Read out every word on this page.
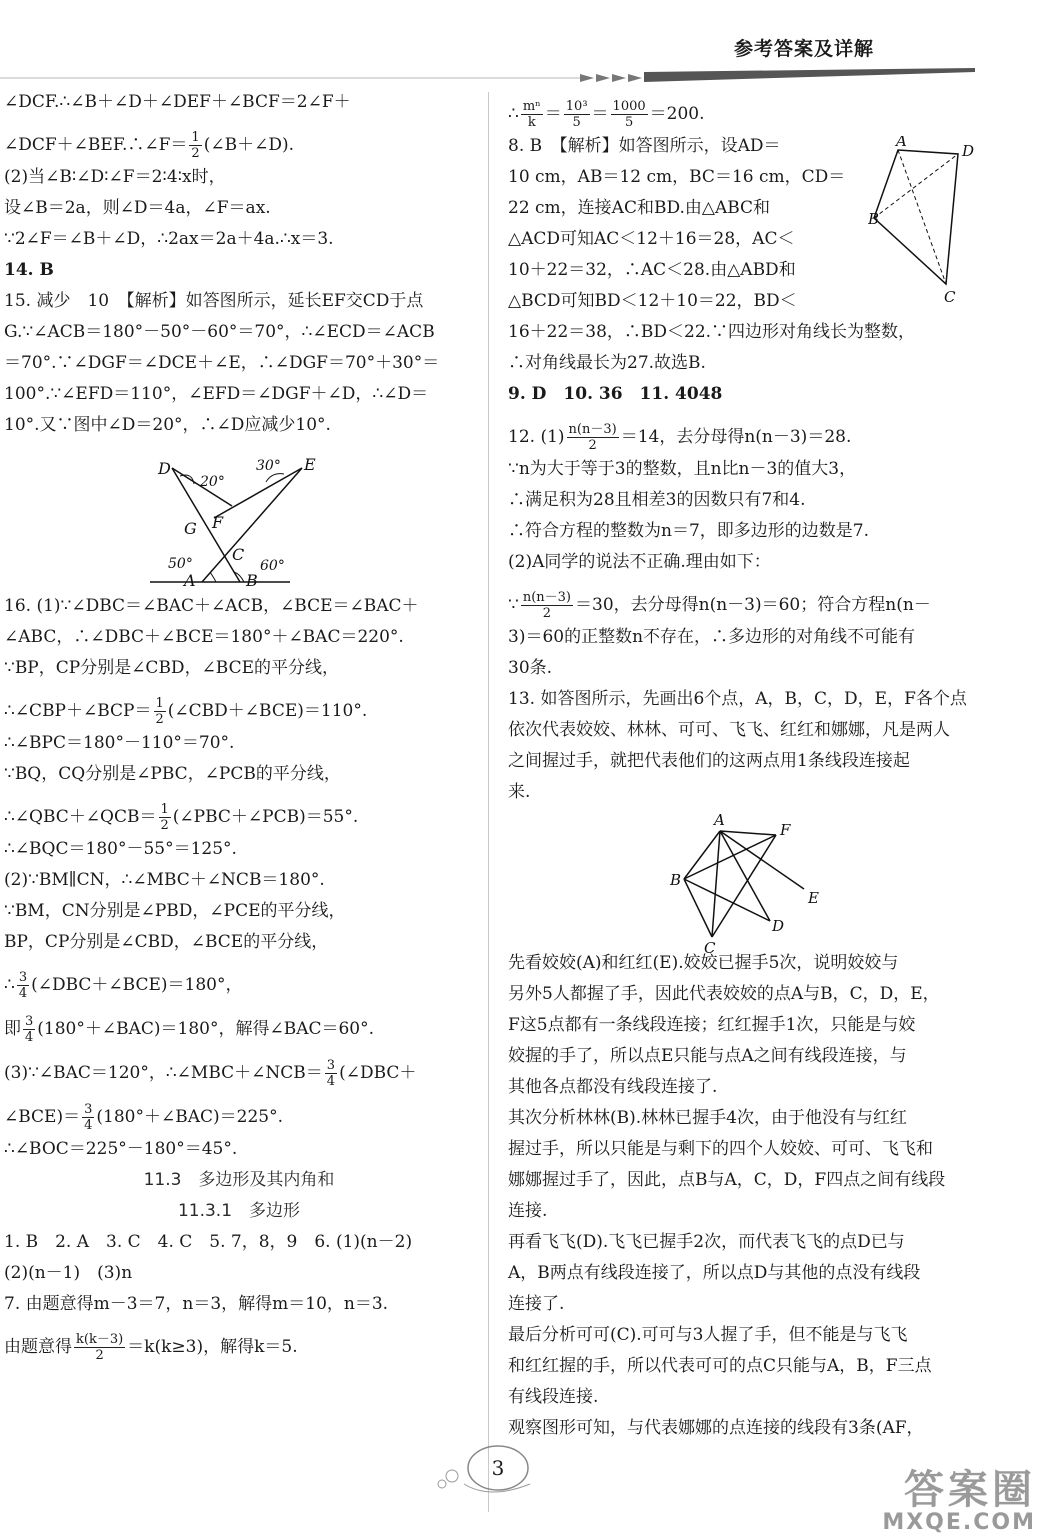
参考答案及详解
∠DCF.∴∠B＋∠D＋∠DEF＋∠BCF＝2∠F＋
∠DCF＋∠BEF.∴∠F＝ $\frac{1}{2}$ (∠B＋∠D).
(2)当∠B∶∠D∶∠F＝2∶4∶x时，
设∠B＝2a，则∠D＝4a，∠F＝ax.
∵2∠F＝∠B＋∠D，∴2ax＝2a＋4a.∴x＝3.
14. B
15. 减少　10　【解析】如答图所示，延长EF交CD于点
G.∵∠ACB＝180°－50°－60°＝70°，∴∠ECD＝∠ACB
＝70°.∵∠DGF＝∠DCE＋∠E，∴∠DGF＝70°＋30°＝
100°.∵∠EFD＝110°，∠EFD＝∠DGF＋∠D，∴∠D＝
10°.又∵图中∠D＝20°，∴∠D应减少10°.
D	E
G F
C
A	B
20°
30°
50°	60°
16. (1)∵∠DBC＝∠BAC＋∠ACB，∠BCE＝∠BAC＋
∠ABC，∴∠DBC＋∠BCE＝180°＋∠BAC＝220°.
∵BP，CP分别是∠CBD，∠BCE的平分线，
∴∠CBP＋∠BCP＝ $\frac{1}{2}$ (∠CBD＋∠BCE)＝110°.
∴∠BPC＝180°－110°＝70°.
∵BQ，CQ分别是∠PBC，∠PCB的平分线，
∴∠QBC＋∠QCB＝ $\frac{1}{2}$ (∠PBC＋∠PCB)＝55°.
∴∠BQC＝180°－55°＝125°.
(2)∵BM∥CN，∴∠MBC＋∠NCB＝180°.
∵BM，CN分别是∠PBD，∠PCE的平分线，
BP，CP分别是∠CBD，∠BCE的平分线，
∴ $\frac{3}{4}$ (∠DBC＋∠BCE)＝180°，
即 $\frac{3}{4}$ (180°＋∠BAC)＝180°，解得∠BAC＝60°.
(3)∵∠BAC＝120°，∴∠MBC＋∠NCB＝ $\frac{3}{4}$ (∠DBC＋
∠BCE)＝ $\frac{3}{4}$ (180°＋∠BAC)＝225°.
∴∠BOC＝225°－180°＝45°.
11.3　多边形及其内角和
11.3.1　多边形
1. B　2. A　3. C　4. C　5. 7，8，9　6. (1)(n－2)
(2)(n－1)　(3)n
7. 由题意得m－3＝7，n＝3，解得m＝10，n＝3.
由题意得 $\frac{k(k-3)}{2} =k(k\ge 3)$，解得k＝5.
∴ $\frac{\text{mⁿ}}{k} = \frac{\text{10³}}{5} = \frac{1000}{5} =200$.
A
D
B
C
8. B　【解析】如答图所示，设AD＝
10 cm，AB＝12 cm，BC＝16 cm，CD＝
22 cm，连接AC和BD.由△ABC和
△ACD可知AC＜12＋16＝28，AC＜
10＋22＝32，∴AC＜28.由△ABD和
△BCD可知BD＜12＋10＝22，BD＜
16＋22＝38，∴BD＜22.∵四边形对角线长为整数，
∴对角线最长为27.故选B.
9. D　10. 36　11. 4048
12. $(1) \frac{n(n-3)}{2} =14$，去分母得n(n－3)＝28.
∵n为大于等于3的整数，且n比n－3的值大3，
∴满足积为28且相差3的因数只有7和4.
∴符合方程的整数为n＝7，即多边形的边数是7.
(2)A同学的说法不正确.理由如下：
∵ $\frac{n(n-3)}{2} =30$，去分母得n(n－3)＝60；符合方程n(n－
3)＝60的正整数n不存在，∴多边形的对角线不可能有
30条.
13. 如答图所示，先画出6个点，A，B，C，D，E，F各个点
依次代表姣姣、林林、可可、飞飞、红红和娜娜，凡是两人
之间握过手，就把代表他们的这两点用1条线段连接起
来.
A
F
B
E
D
C
先看姣姣(A)和红红(E).姣姣已握手5次，说明姣姣与
另外5人都握了手，因此代表姣姣的点A与B，C，D，E，
F这5点都有一条线段连接；红红握手1次，只能是与姣
姣握的手了，所以点E只能与点A之间有线段连接，与
其他各点都没有线段连接了.
其次分析林林(B).林林已握手4次，由于他没有与红红
握过手，所以只能是与剩下的四个人姣姣、可可、飞飞和
娜娜握过手了，因此，点B与A，C，D，F四点之间有线段
连接.
再看飞飞(D).飞飞已握手2次，而代表飞飞的点D已与
A，B两点有线段连接了，所以点D与其他的点没有线段
连接了.
最后分析可可(C).可可与3人握了手，但不能是与飞飞
和红红握的手，所以代表可可的点C只能与A，B，F三点
有线段连接.
观察图形可知，与代表娜娜的点连接的线段有3条(AF，
3	答案圈
MXQE.COM
